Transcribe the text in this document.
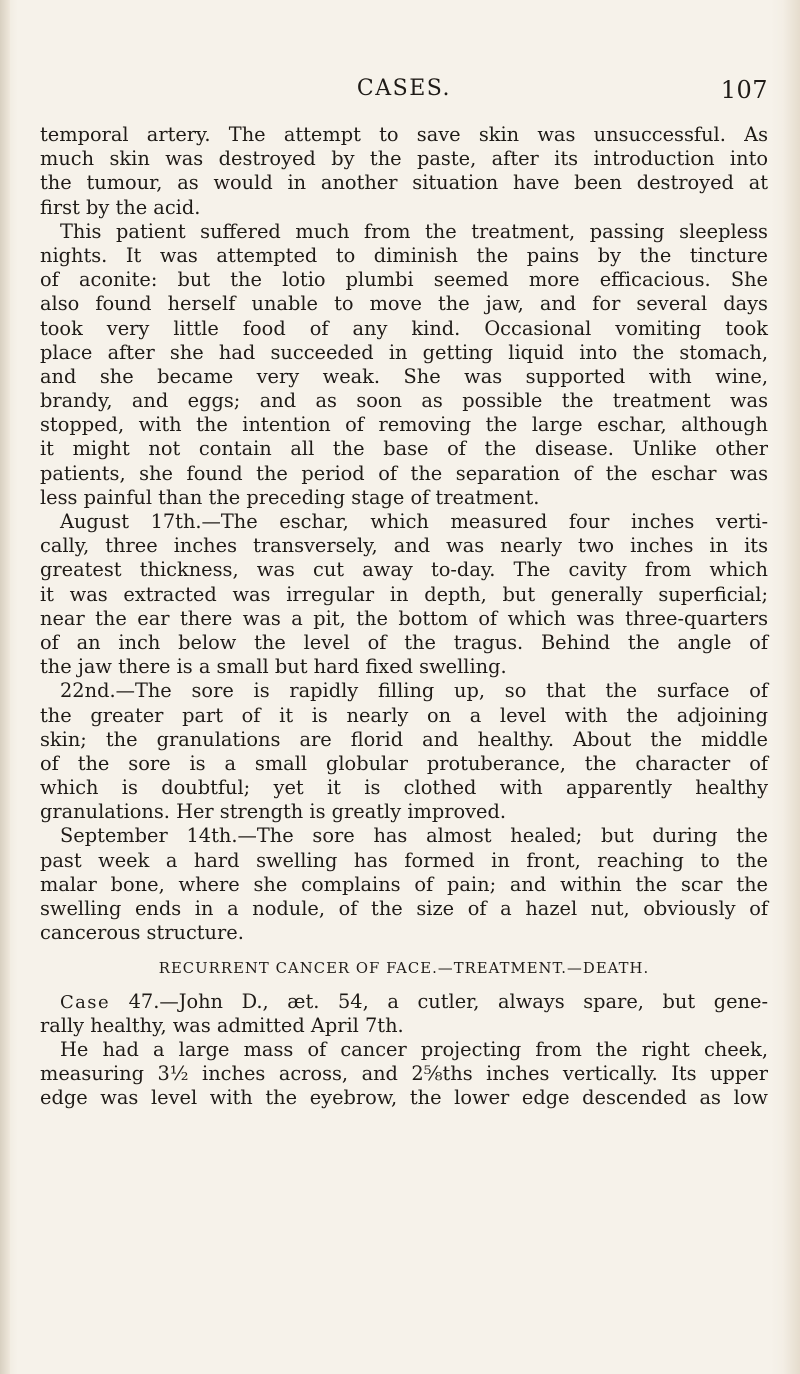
CASES.	107
temporal artery. The attempt to save skin was unsuccessful. As
much skin was destroyed by the paste, after its introduction into
the tumour, as would in another situation have been destroyed at
first by the acid.
This patient suffered much from the treatment, passing sleepless
nights. It was attempted to diminish the pains by the tincture
of aconite: but the lotio plumbi seemed more efficacious. She
also found herself unable to move the jaw, and for several days
took very little food of any kind. Occasional vomiting took
place after she had succeeded in getting liquid into the stomach,
and she became very weak. She was supported with wine,
brandy, and eggs; and as soon as possible the treatment was
stopped, with the intention of removing the large eschar, although
it might not contain all the base of the disease. Unlike other
patients, she found the period of the separation of the eschar was
less painful than the preceding stage of treatment.
August 17th.—The eschar, which measured four inches verti-
cally, three inches transversely, and was nearly two inches in its
greatest thickness, was cut away to-day. The cavity from which
it was extracted was irregular in depth, but generally superficial;
near the ear there was a pit, the bottom of which was three-quarters
of an inch below the level of the tragus. Behind the angle of
the jaw there is a small but hard fixed swelling.
22nd.—The sore is rapidly filling up, so that the surface of
the greater part of it is nearly on a level with the adjoining
skin; the granulations are florid and healthy. About the middle
of the sore is a small globular protuberance, the character of
which is doubtful; yet it is clothed with apparently healthy
granulations. Her strength is greatly improved.
September 14th.—The sore has almost healed; but during the
past week a hard swelling has formed in front, reaching to the
malar bone, where she complains of pain; and within the scar the
swelling ends in a nodule, of the size of a hazel nut, obviously of
cancerous structure.
RECURRENT CANCER OF FACE.—TREATMENT.—DEATH.
Case 47.—John D., æt. 54, a cutler, always spare, but gene-
rally healthy, was admitted April 7th.
He had a large mass of cancer projecting from the right cheek,
measuring 3½ inches across, and 2⅝ths inches vertically. Its upper
edge was level with the eyebrow, the lower edge descended as low
